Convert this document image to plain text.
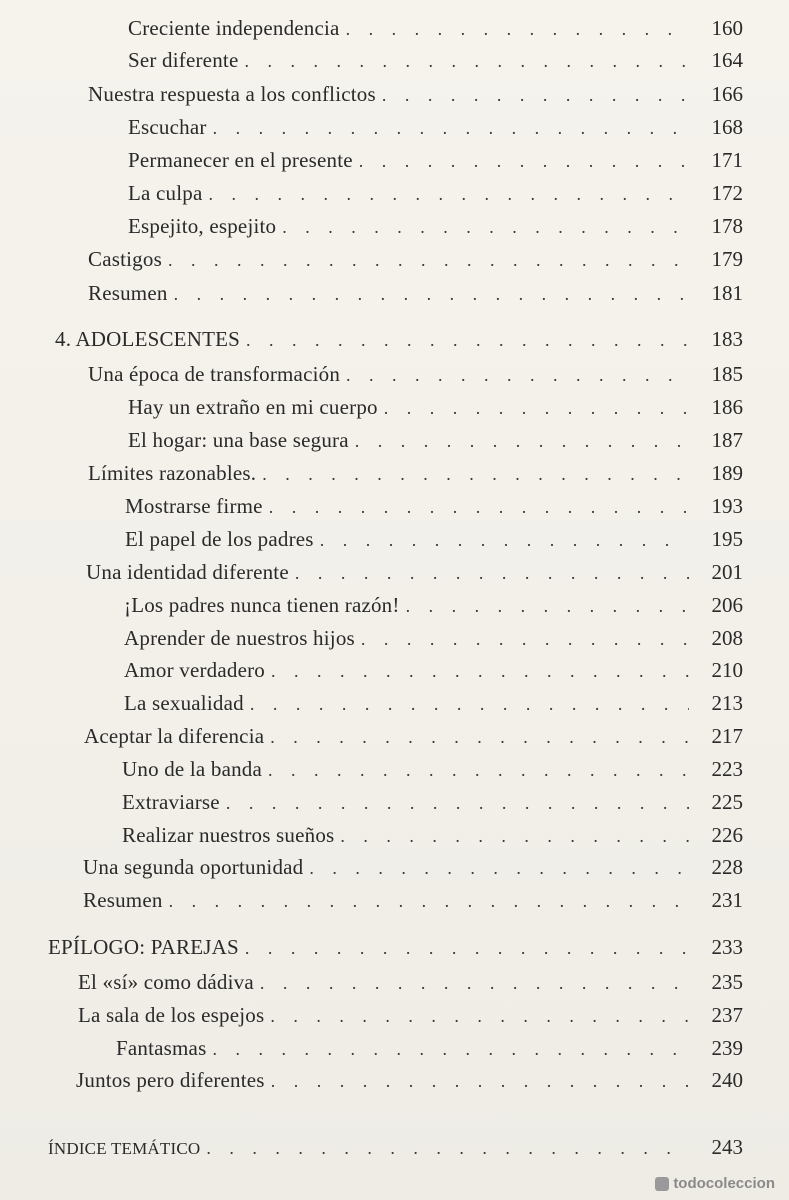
Creciente independencia . . .	160
Ser diferente . . .	164
Nuestra respuesta a los conflictos . . .	166
Escuchar . . .	168
Permanecer en el presente . . .	171
La culpa . . .	172
Espejito, espejito . . .	178
Castigos . . .	179
Resumen . . .	181
4. ADOLESCENTES . . .	183
Una época de transformación . . .	185
Hay un extraño en mi cuerpo . . .	186
El hogar: una base segura . . .	187
Límites razonables. . . .	189
Mostrarse firme . . .	193
El papel de los padres . . .	195
Una identidad diferente . . .	201
¡Los padres nunca tienen razón! . . .	206
Aprender de nuestros hijos . . .	208
Amor verdadero . . .	210
La sexualidad . . .	213
Aceptar la diferencia . . .	217
Uno de la banda . . .	223
Extraviarse . . .	225
Realizar nuestros sueños . . .	226
Una segunda oportunidad . . .	228
Resumen . . .	231
EPÍLOGO: PAREJAS . . .	233
El «sí» como dádiva . . .	235
La sala de los espejos . . .	237
Fantasmas . . .	239
Juntos pero diferentes . . .	240
ÍNDICE TEMÁTICO . . .	243
todocoleccion
